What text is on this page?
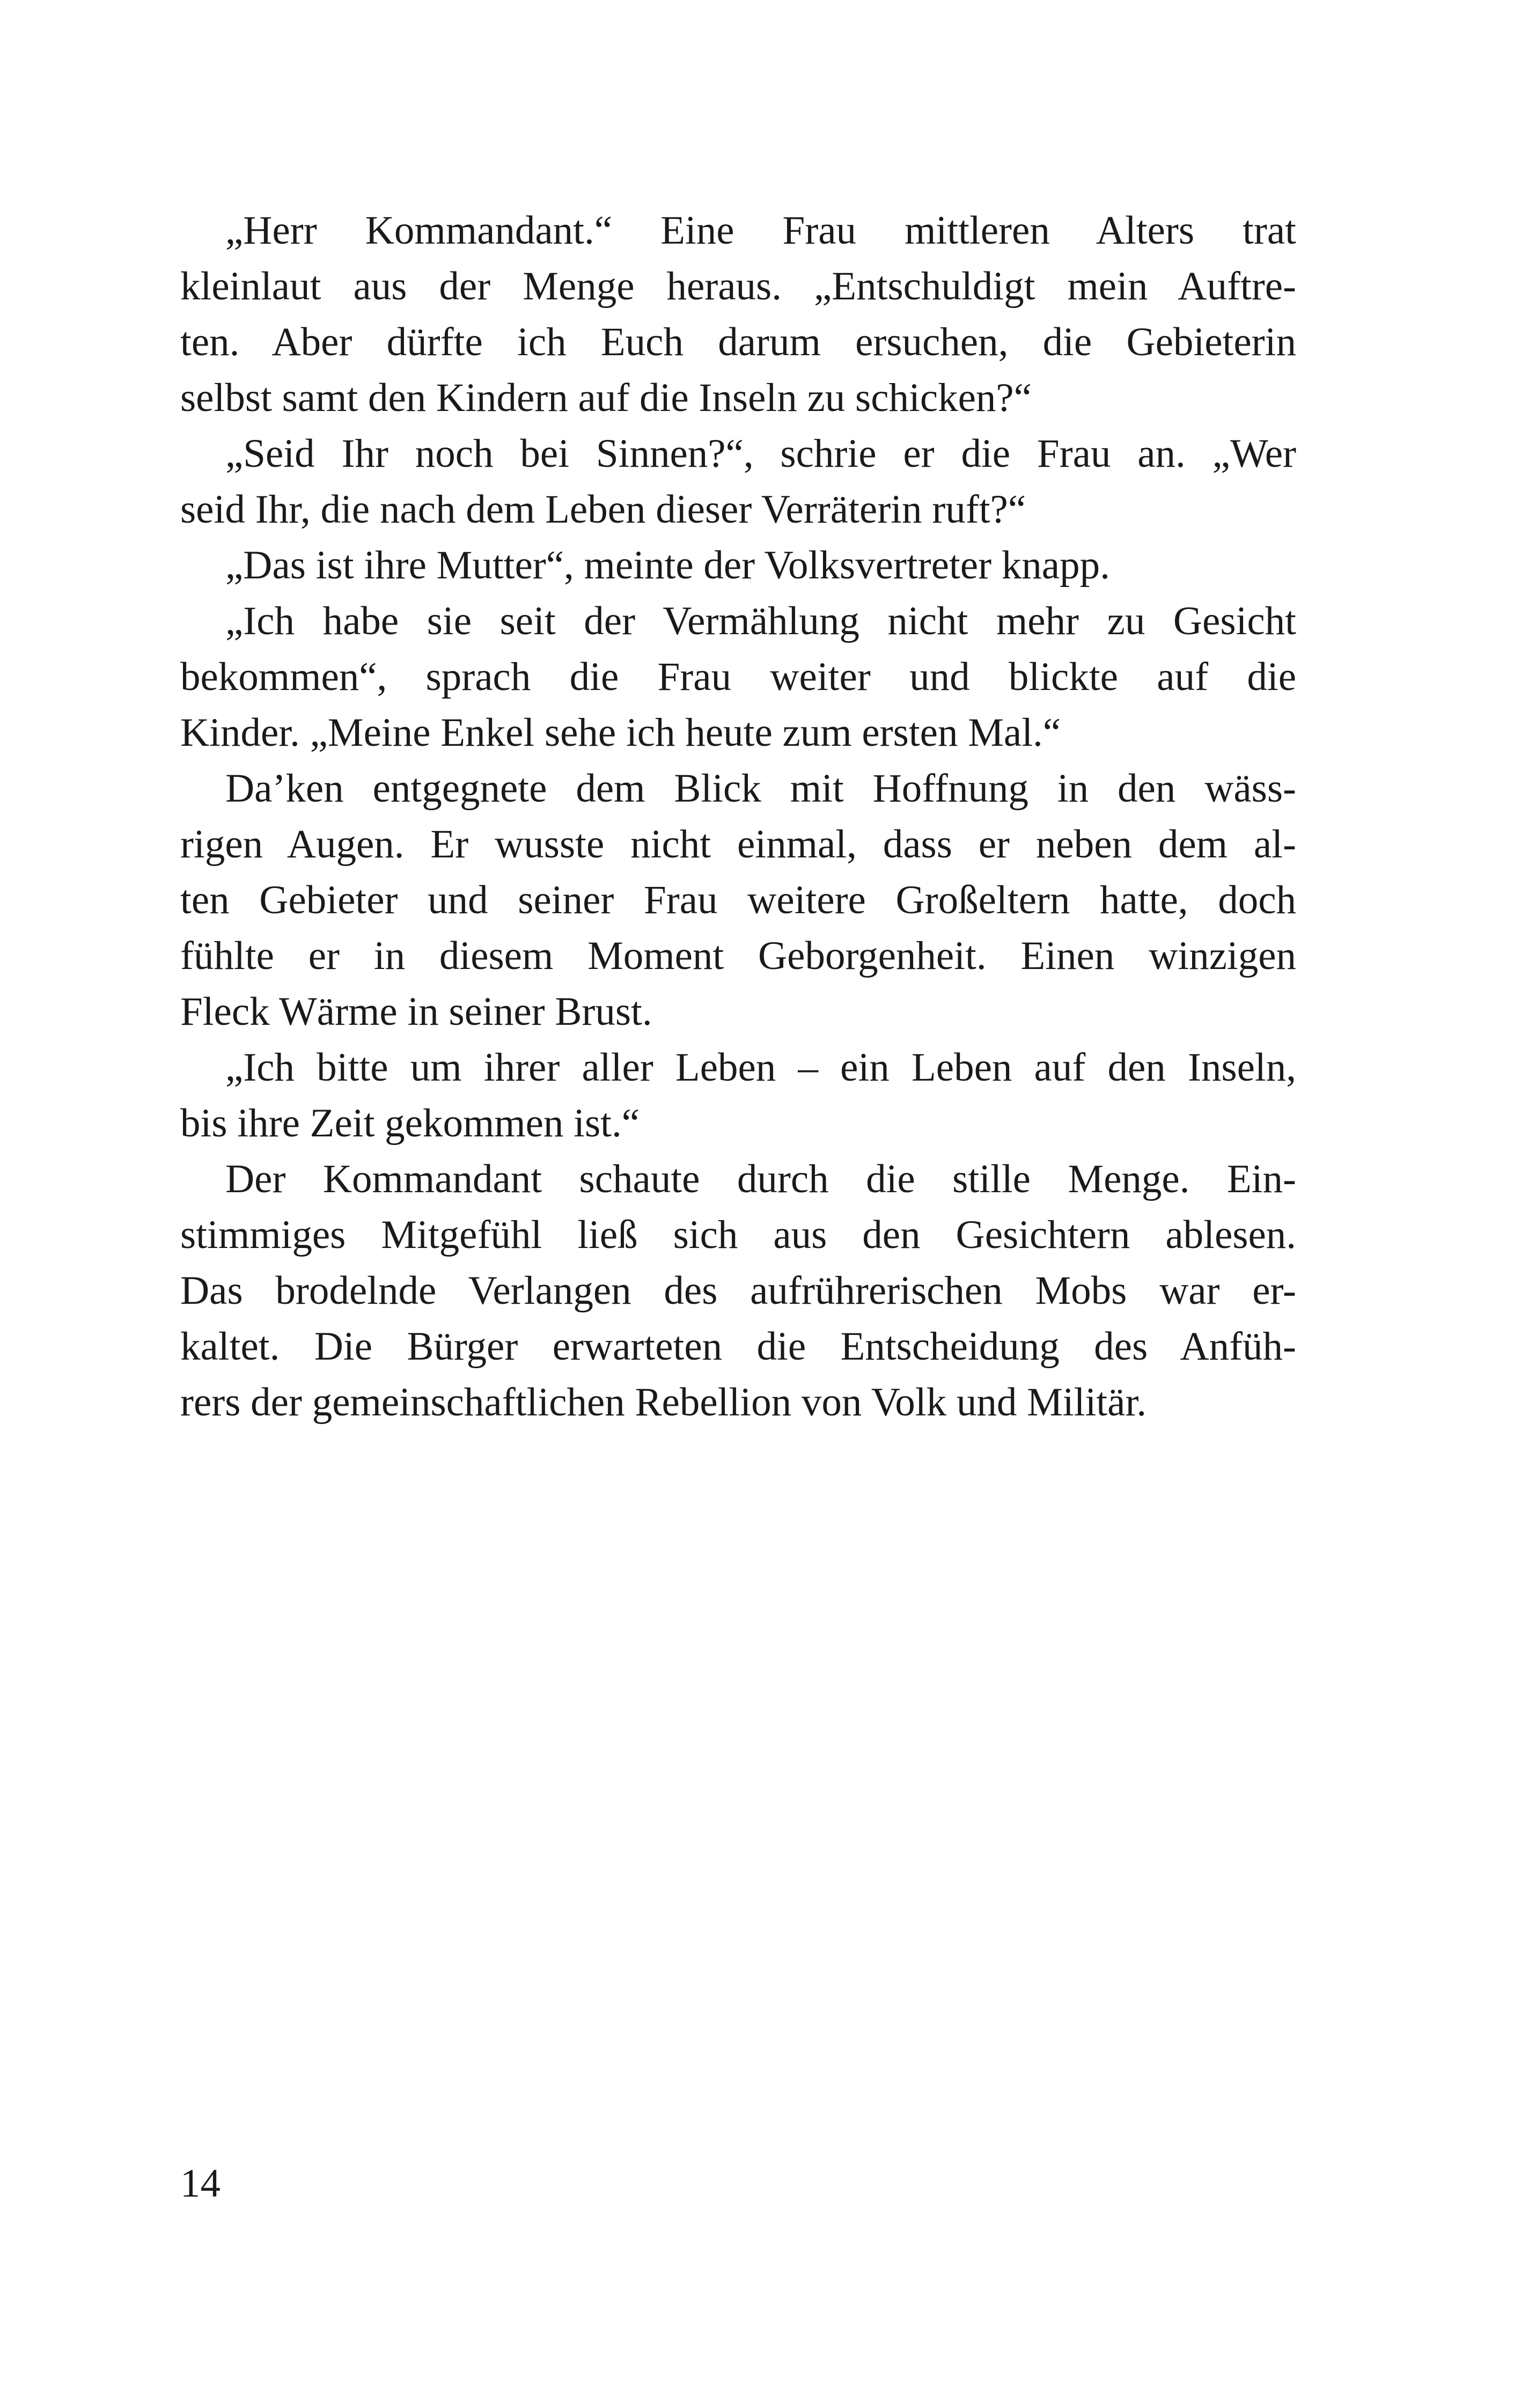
„Herr Kommandant.“ Eine Frau mittleren Alters trat
kleinlaut aus der Menge heraus. „Entschuldigt mein Auftre-
ten. Aber dürfte ich Euch darum ersuchen, die Gebieterin
selbst samt den Kindern auf die Inseln zu schicken?“

„Seid Ihr noch bei Sinnen?“, schrie er die Frau an. „Wer
seid Ihr, die nach dem Leben dieser Verräterin ruft?“

„Das ist ihre Mutter“, meinte der Volksvertreter knapp.

„Ich habe sie seit der Vermählung nicht mehr zu Gesicht
bekommen“, sprach die Frau weiter und blickte auf die
Kinder. „Meine Enkel sehe ich heute zum ersten Mal.“

Da’ken entgegnete dem Blick mit Hoffnung in den wäss-
rigen Augen. Er wusste nicht einmal, dass er neben dem al-
ten Gebieter und seiner Frau weitere Großeltern hatte, doch
fühlte er in diesem Moment Geborgenheit. Einen winzigen
Fleck Wärme in seiner Brust.

„Ich bitte um ihrer aller Leben – ein Leben auf den Inseln,
bis ihre Zeit gekommen ist.“

Der Kommandant schaute durch die stille Menge. Ein-
stimmiges Mitgefühl ließ sich aus den Gesichtern ablesen.
Das brodelnde Verlangen des aufrührerischen Mobs war er-
kaltet. Die Bürger erwarteten die Entscheidung des Anfüh-
rers der gemeinschaftlichen Rebellion von Volk und Militär.

14
